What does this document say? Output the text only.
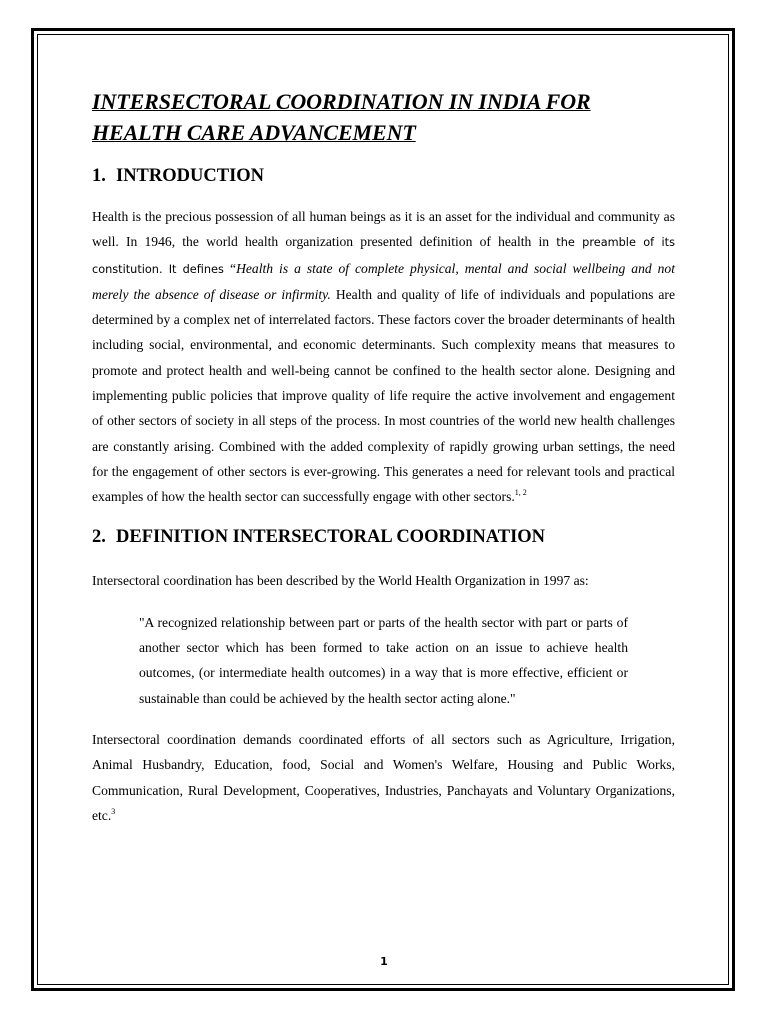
INTERSECTORAL COORDINATION IN INDIA FOR HEALTH CARE ADVANCEMENT
1. INTRODUCTION

Health is the precious possession of all human beings as it is an asset for the individual and community as well. In 1946, the world health organization presented definition of health in the preamble of its constitution. It defines “Health is a state of complete physical, mental and social wellbeing and not merely the absence of disease or infirmity. Health and quality of life of individuals and populations are determined by a complex net of interrelated factors. These factors cover the broader determinants of health including social, environmental, and economic determinants. Such complexity means that measures to promote and protect health and well-being cannot be confined to the health sector alone. Designing and implementing public policies that improve quality of life require the active involvement and engagement of other sectors of society in all steps of the process. In most countries of the world new health challenges are constantly arising. Combined with the added complexity of rapidly growing urban settings, the need for the engagement of other sectors is ever-growing. This generates a need for relevant tools and practical examples of how the health sector can successfully engage with other sectors.$^{1, 2}$

2. DEFINITION INTERSECTORAL COORDINATION

Intersectoral coordination has been described by the World Health Organization in 1997 as:

"A recognized relationship between part or parts of the health sector with part or parts of another sector which has been formed to take action on an issue to achieve health outcomes, (or intermediate health outcomes) in a way that is more effective, efficient or sustainable than could be achieved by the health sector acting alone."

Intersectoral coordination demands coordinated efforts of all sectors such as Agriculture, Irrigation, Animal Husbandry, Education, food, Social and Women's Welfare, Housing and Public Works, Communication, Rural Development, Cooperatives, Industries, Panchayats and Voluntary Organizations, etc.$^3$

1
